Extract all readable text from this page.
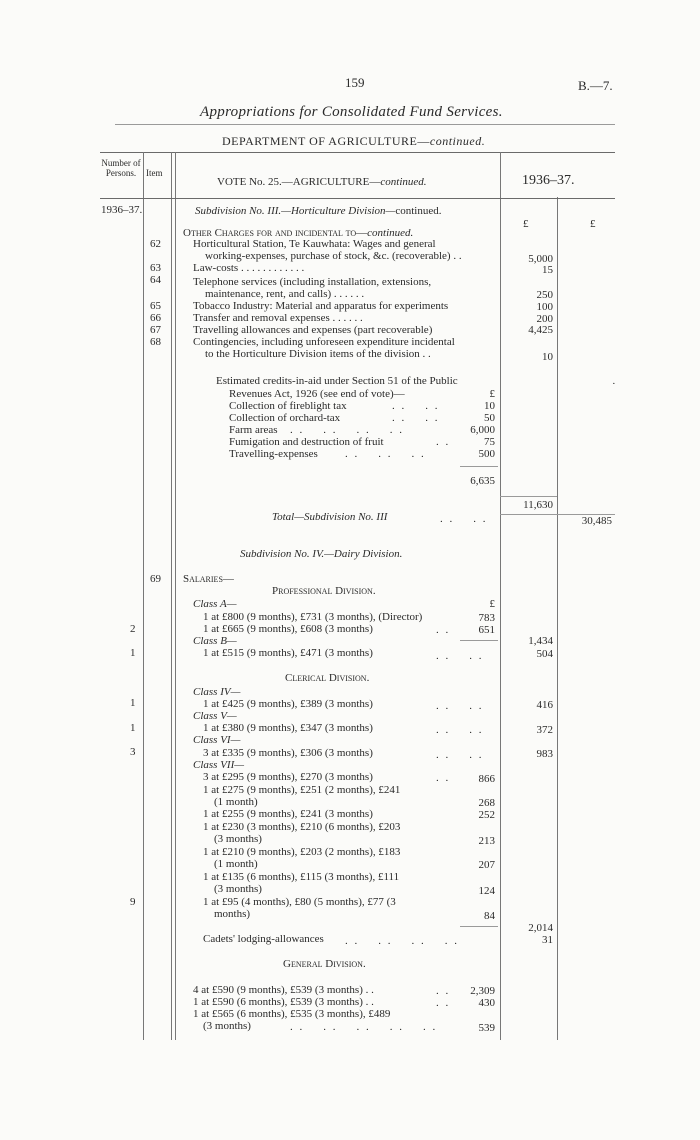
159	B.—7.
Appropriations for Consolidated Fund Services.
DEPARTMENT OF AGRICULTURE—continued.
Number of Persons.	Item
VOTE No. 25.—AGRICULTURE—continued.	1936–37.
1936–37.	Subdivision No. III.—Horticulture Division—continued.
£	£
Other Charges for and incidental to—continued.
62	Horticultural Station, Te Kauwhata: Wages and general
working-expenses, purchase of stock, &c. (recoverable) . .	5,000
63	Law-costs . . . . . . . . . . . .	15
64	Telephone services (including installation, extensions,
maintenance, rent, and calls) . . . . . .	250
65	Tobacco Industry: Material and apparatus for experiments	100
66	Transfer and removal expenses . . . . . .	200
67	Travelling allowances and expenses (part recoverable)	4,425
68	Contingencies, including unforeseen expenditure incidental
to the Horticulture Division items of the division . .	10
Estimated credits-in-aid under Section 51 of the Public
Revenues Act, 1926 (see end of vote)—	£
·
Collection of fireblight tax	. .    . .	10
Collection of orchard-tax	. .    . .	50
Farm areas . .    . .    . .    . .	6,000
Fumigation and destruction of fruit	. .	75
Travelling-expenses . .    . .    . .	500
6,635
11,630
Total—Subdivision No. III	. .    . .	30,485
Subdivision No. IV.—Dairy Division.
69 Salaries—
Professional Division.
Class A—	£
1 at £800 (9 months), £731 (3 months), (Director)	783
2	1 at £665 (9 months), £608 (3 months)	. .	651
1,434
Class B—
1	1 at £515 (9 months), £471 (3 months)	. .    . .	504
Clerical Division.
Class IV—
1	1 at £425 (9 months), £389 (3 months)	. .    . .	416
Class V—
1	1 at £380 (9 months), £347 (3 months)	. .    . .	372
Class VI—
3	3 at £335 (9 months), £306 (3 months)	. .    . .	983
Class VII—
3 at £295 (9 months), £270 (3 months)	. .	866
1 at £275 (9 months), £251 (2 months), £241
(1 month)	268
1 at £255 (9 months), £241 (3 months)	252
1 at £230 (3 months), £210 (6 months), £203
(3 months)	213
1 at £210 (9 months), £203 (2 months), £183
(1 month)	207
1 at £135 (6 months), £115 (3 months), £111
(3 months)	124
9	1 at £95 (4 months), £80 (5 months), £77 (3
months)	84
2,014
Cadets' lodging-allowances . .    . .    . .    . .	31
General Division.
4 at £590 (9 months), £539 (3 months) . .	. .	2,309
1 at £590 (6 months), £539 (3 months) . .	. .	430
1 at £565 (6 months), £535 (3 months), £489
(3 months)	. .    . .    . .    . .    . .	539
